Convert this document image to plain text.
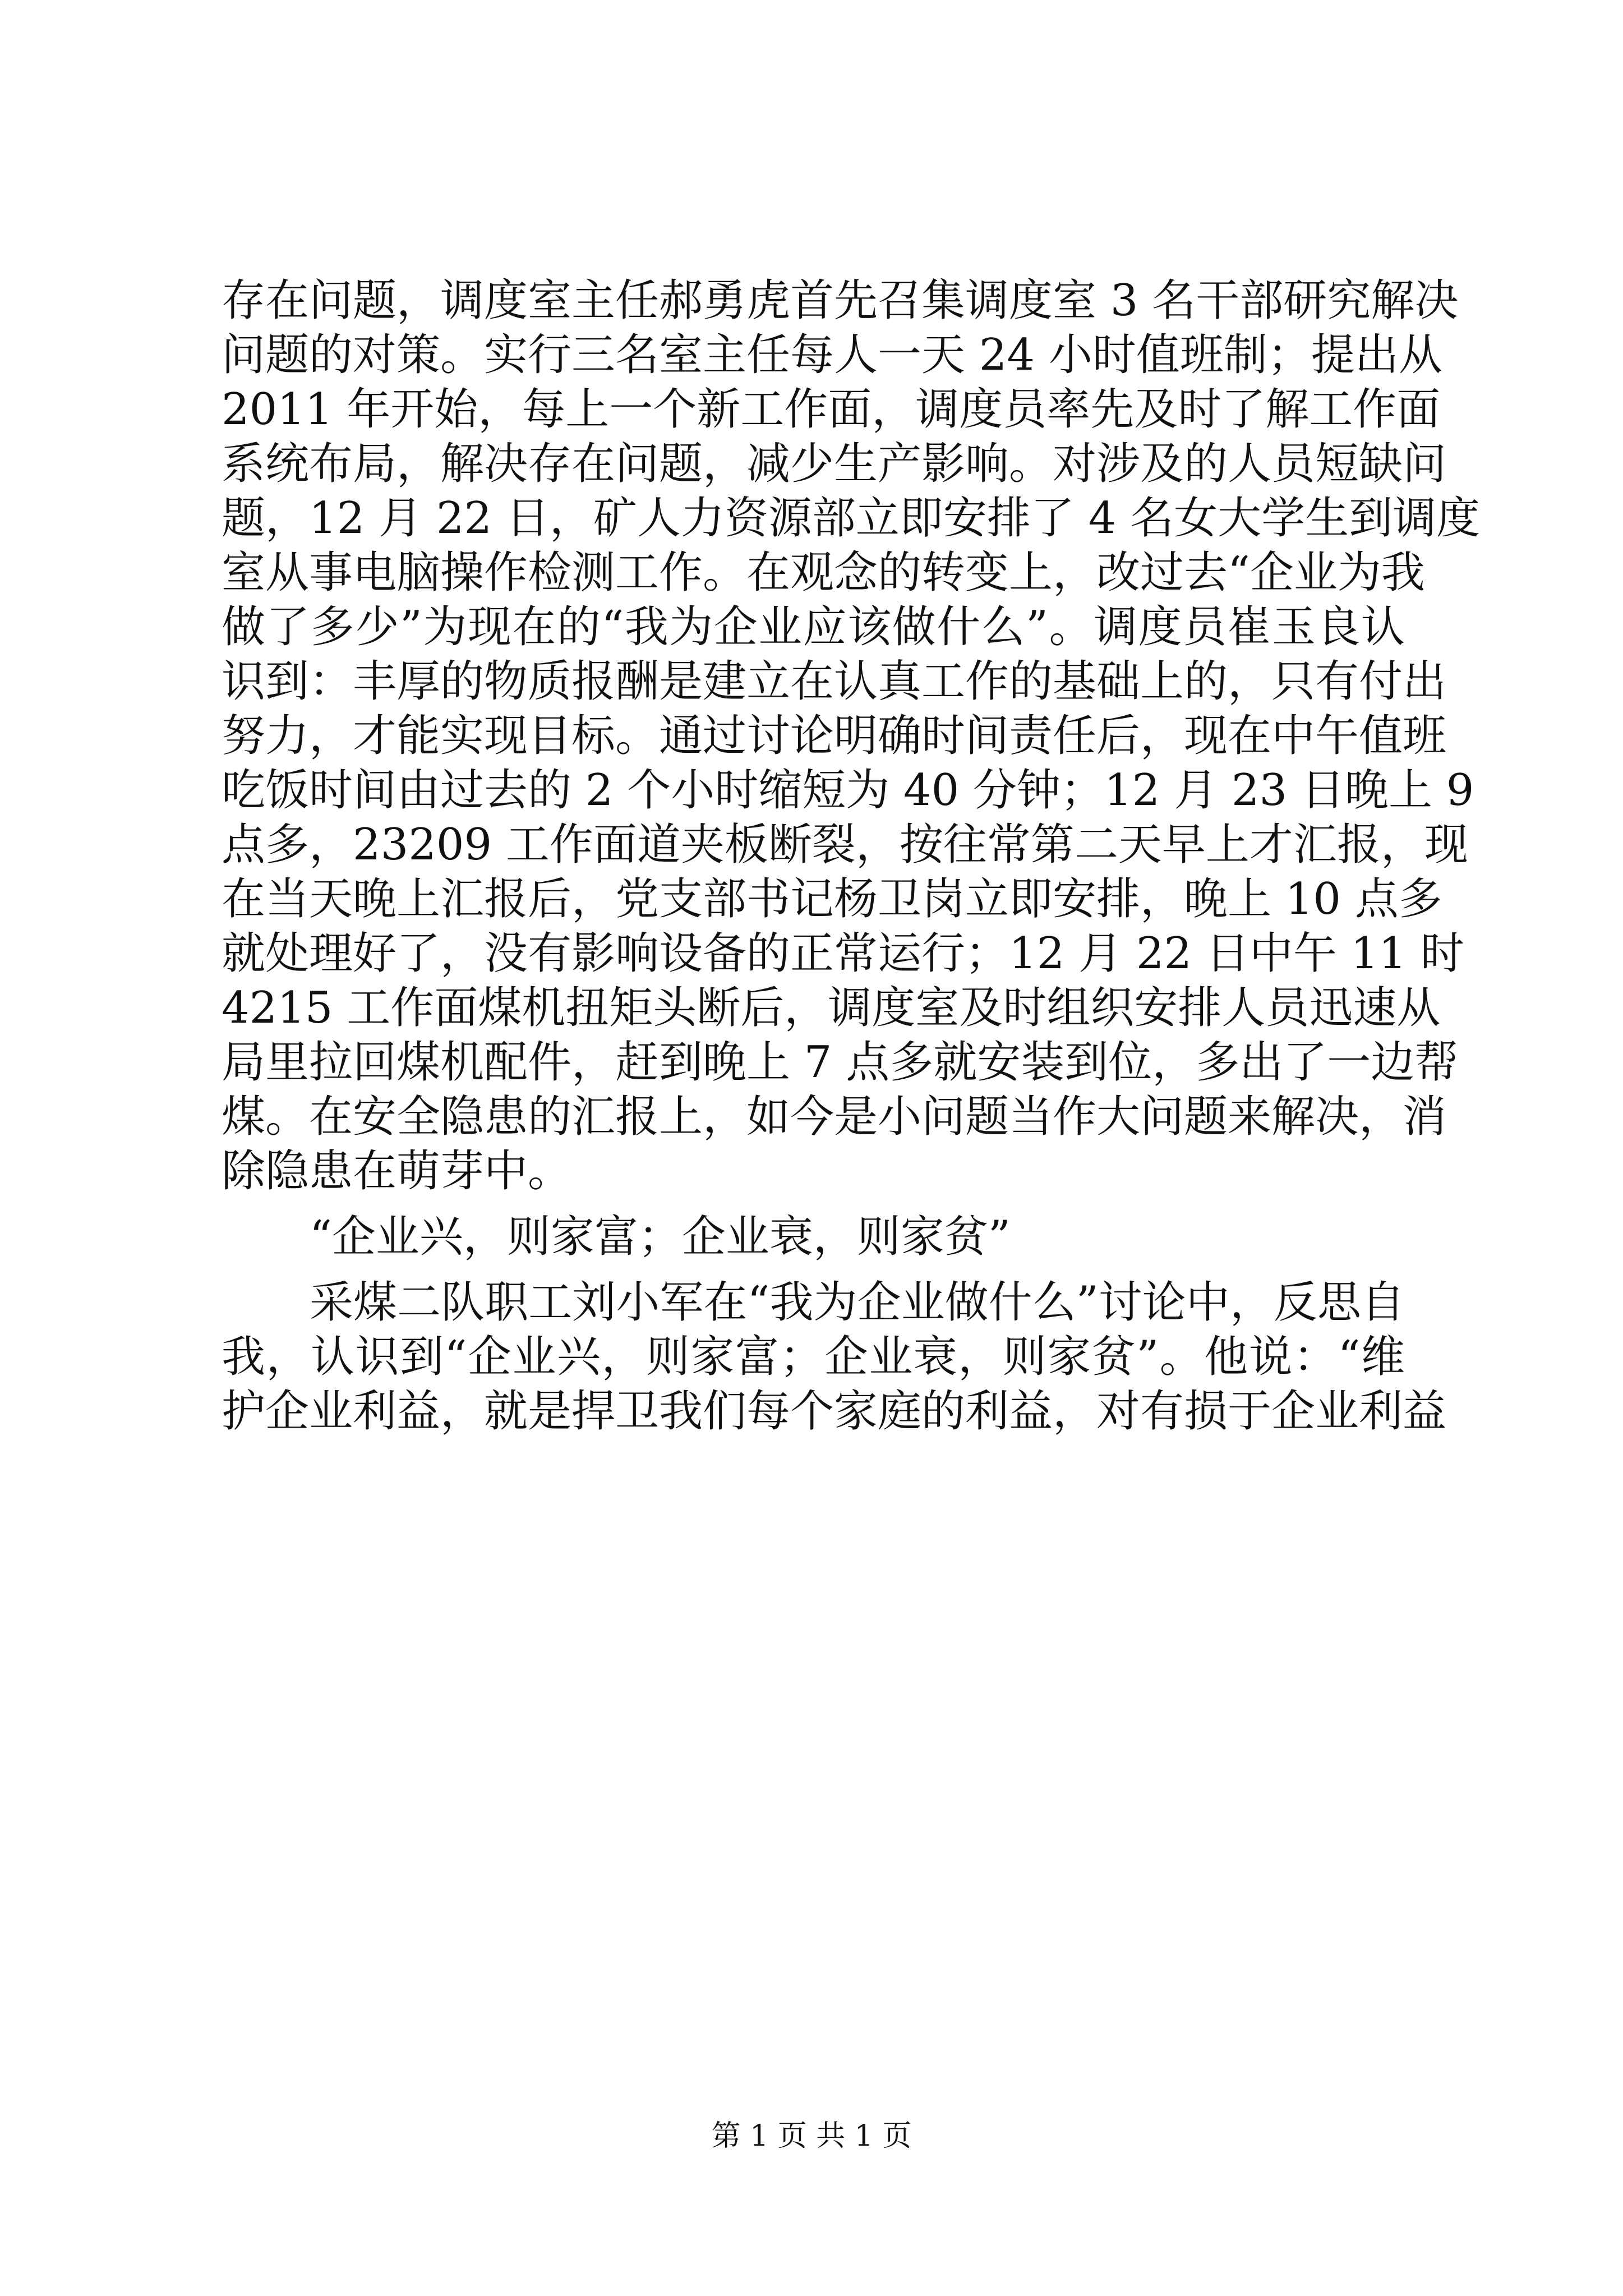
存在问题，调度室主任郝勇虎首先召集调度室 3 名干部研究解决
问题的对策。实行三名室主任每人一天 24 小时值班制；提出从
2011 年开始，每上一个新工作面，调度员率先及时了解工作面
系统布局，解决存在问题，减少生产影响。对涉及的人员短缺问
题，12 月 22 日，矿人力资源部立即安排了 4 名女大学生到调度
室从事电脑操作检测工作。在观念的转变上，改过去“企业为我
做了多少”为现在的“我为企业应该做什么”。调度员崔玉良认
识到：丰厚的物质报酬是建立在认真工作的基础上的，只有付出
努力，才能实现目标。通过讨论明确时间责任后，现在中午值班
吃饭时间由过去的 2 个小时缩短为 40 分钟；12 月 23 日晚上 9
点多，23209 工作面道夹板断裂，按往常第二天早上才汇报，现
在当天晚上汇报后，党支部书记杨卫岗立即安排，晚上 10 点多
就处理好了，没有影响设备的正常运行；12 月 22 日中午 11 时
4215 工作面煤机扭矩头断后，调度室及时组织安排人员迅速从
局里拉回煤机配件，赶到晚上 7 点多就安装到位，多出了一边帮
煤。在安全隐患的汇报上，如今是小问题当作大问题来解决，消
除隐患在萌芽中。
“企业兴，则家富；企业衰，则家贫”
采煤二队职工刘小军在“我为企业做什么”讨论中，反思自
我，认识到“企业兴，则家富；企业衰，则家贫”。他说：“维
护企业利益，就是捍卫我们每个家庭的利益，对有损于企业利益
第 1 页 共 1 页
